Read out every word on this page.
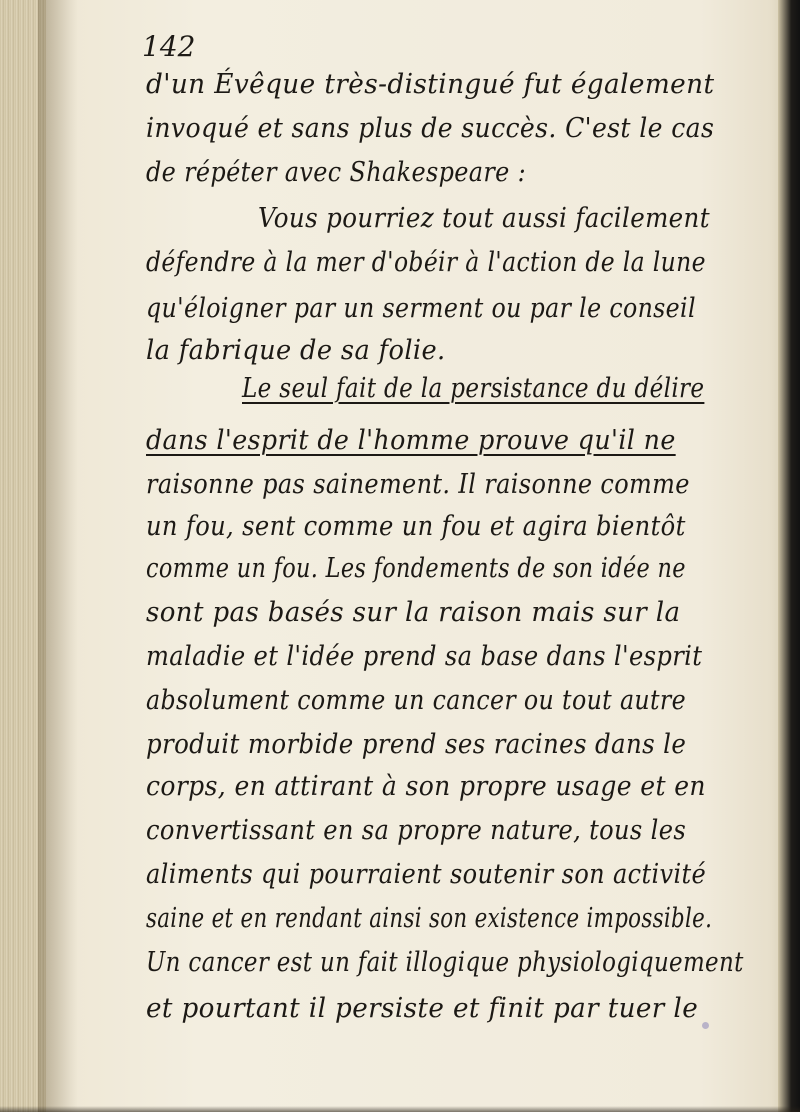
142
d'un Évêque très-distingué fut également
invoqué et sans plus de succès. C'est le cas
de répéter avec Shakespeare :
Vous pourriez tout aussi facilement
défendre à la mer d'obéir à l'action de la lune
qu'éloigner par un serment ou par le conseil
la fabrique de sa folie.
Le seul fait de la persistance du délire
dans l'esprit de l'homme prouve qu'il ne
raisonne pas sainement. Il raisonne comme
un fou, sent comme un fou et agira bientôt
comme un fou. Les fondements de son idée ne
sont pas basés sur la raison mais sur la
maladie et l'idée prend sa base dans l'esprit
absolument comme un cancer ou tout autre
produit morbide prend ses racines dans le
corps, en attirant à son propre usage et en
convertissant en sa propre nature, tous les
aliments qui pourraient soutenir son activité
saine et en rendant ainsi son existence impossible.
Un cancer est un fait illogique physiologiquement
et pourtant il persiste et finit par tuer le
